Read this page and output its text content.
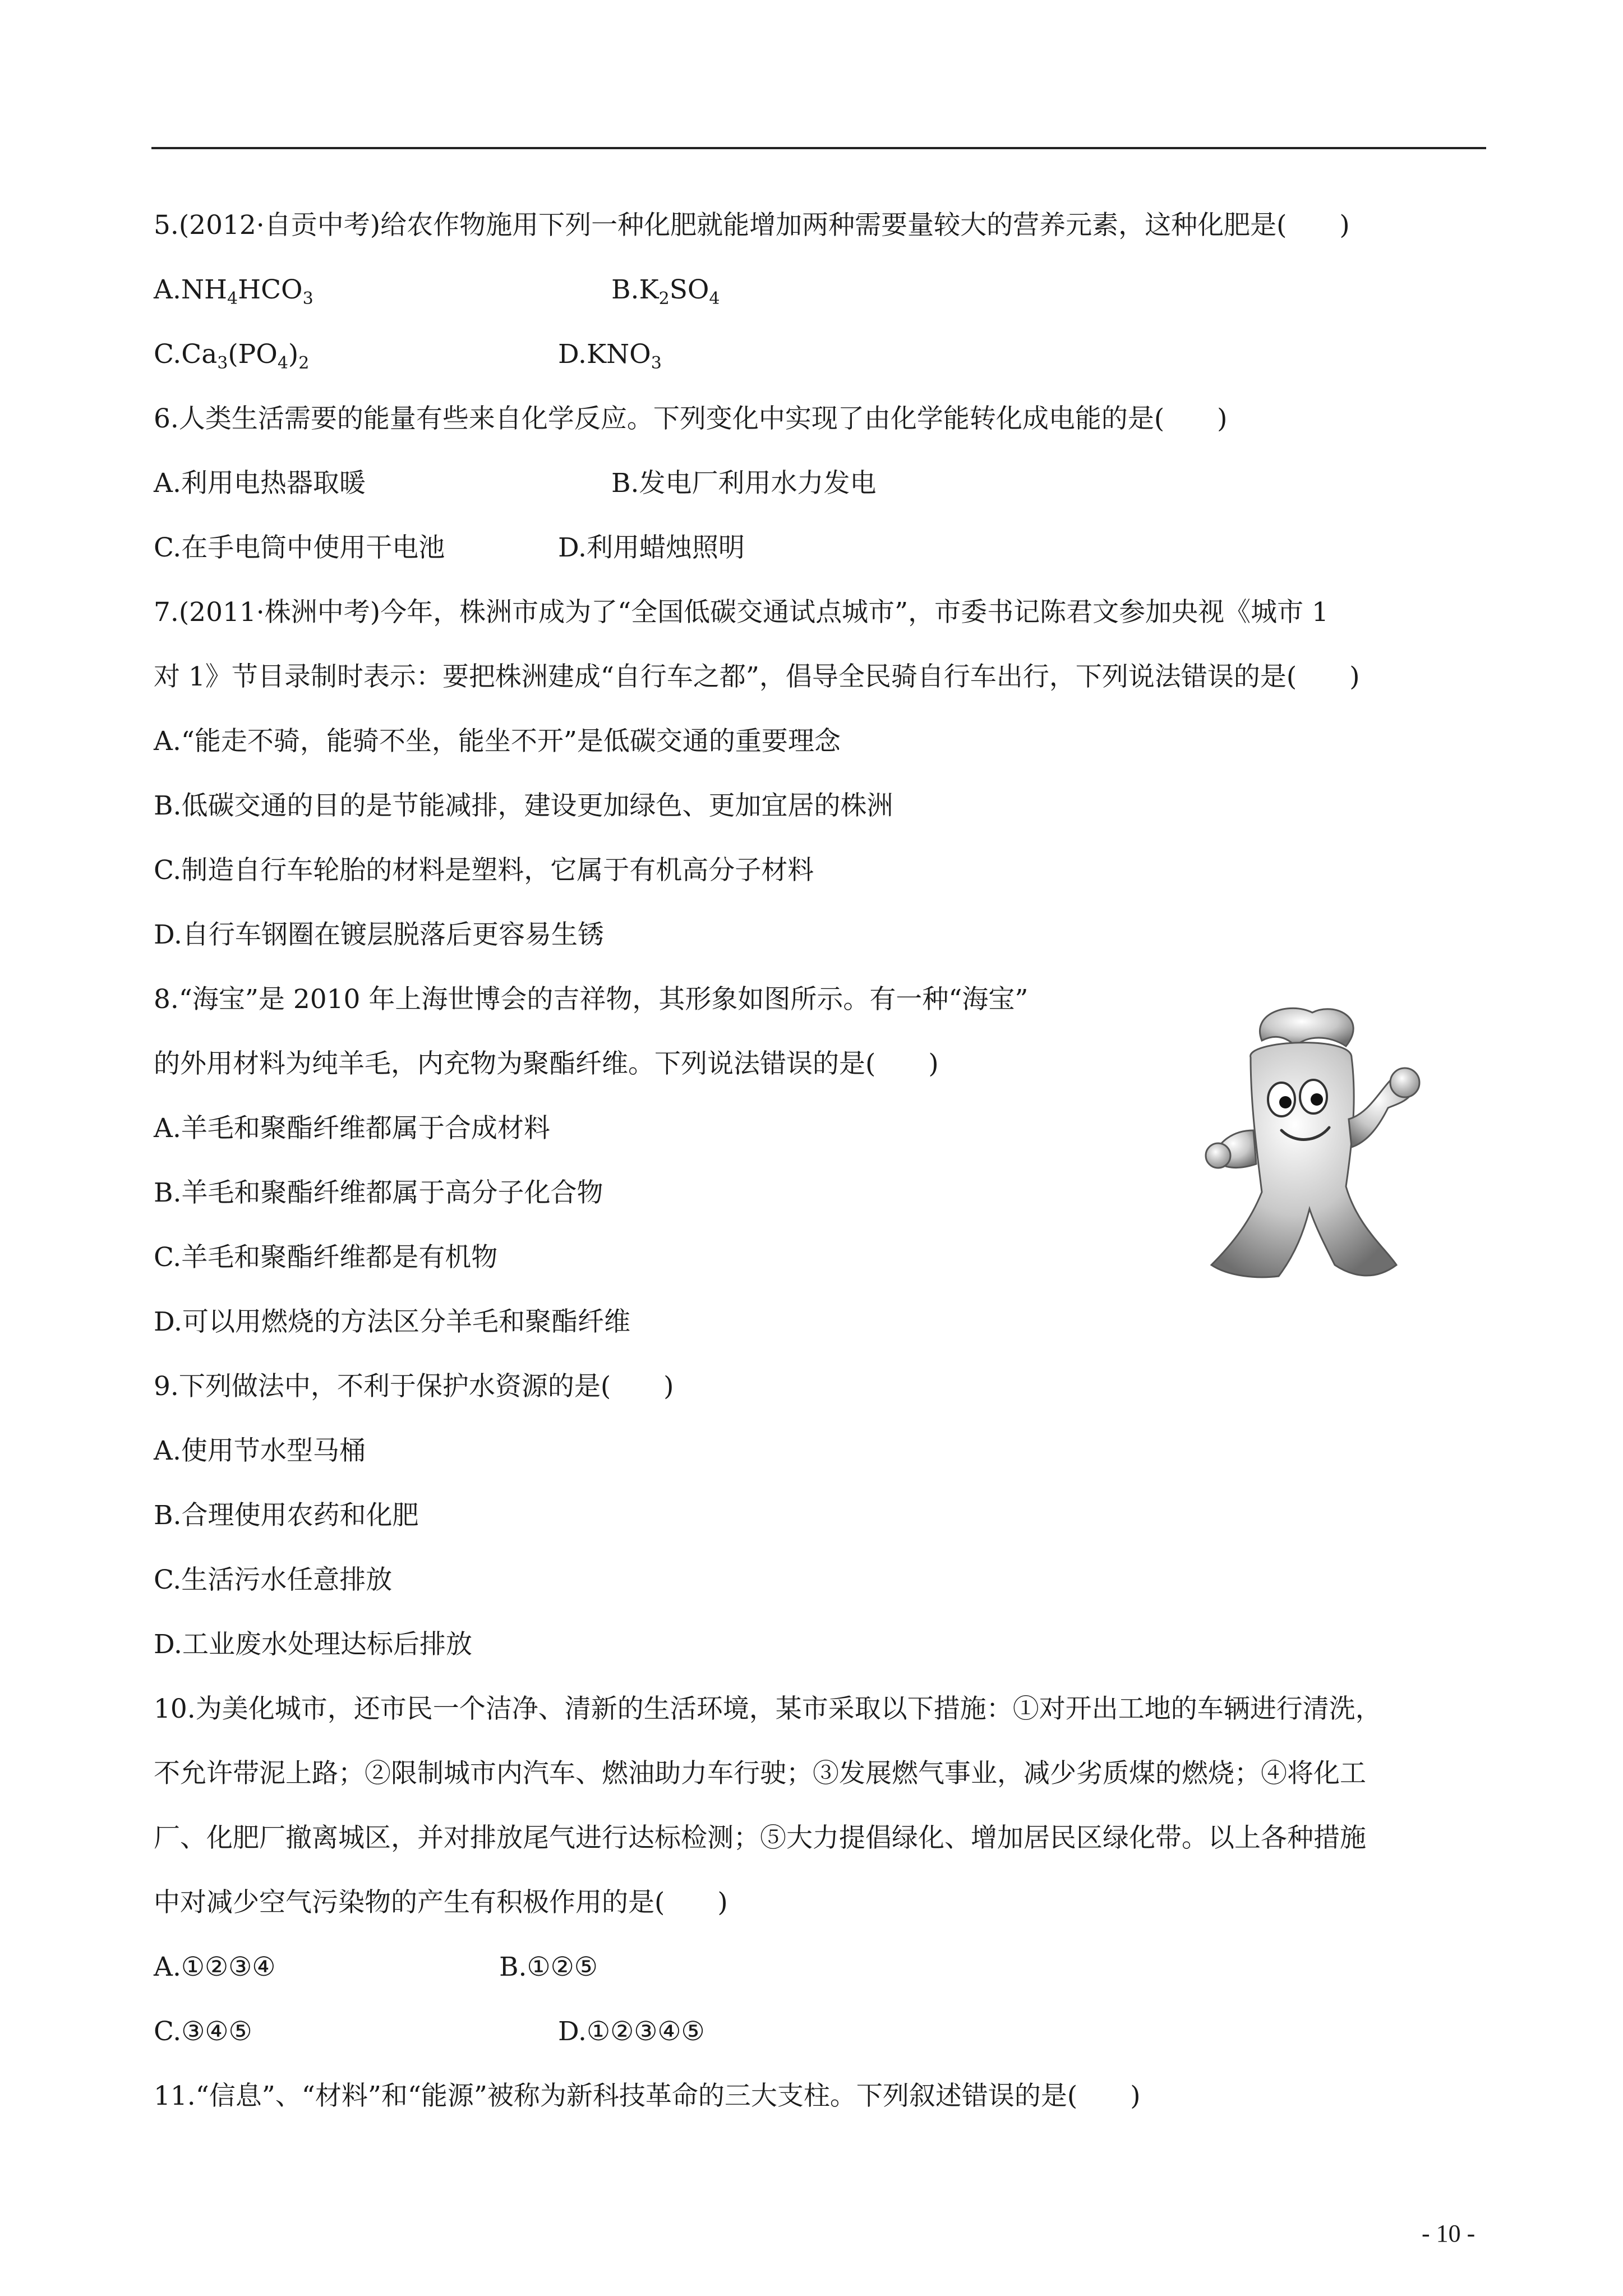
5.(2012·自贡中考)给农作物施用下列一种化肥就能增加两种需要量较大的营养元素，这种化肥是(　　)
$A.NH_4HCO_3$	$B.K_2SO_4$
$C.Ca_3(PO_4)_2$	$D.KNO_3$
6.人类生活需要的能量有些来自化学反应。下列变化中实现了由化学能转化成电能的是(　　)
A.利用电热器取暖	B.发电厂利用水力发电
C.在手电筒中使用干电池	D.利用蜡烛照明
7.(2011·株洲中考)今年，株洲市成为了“全国低碳交通试点城市”，市委书记陈君文参加央视《城市 1
对 1》节目录制时表示：要把株洲建成“自行车之都”，倡导全民骑自行车出行，下列说法错误的是(　　)
A.“能走不骑，能骑不坐，能坐不开”是低碳交通的重要理念
B.低碳交通的目的是节能减排，建设更加绿色、更加宜居的株洲
C.制造自行车轮胎的材料是塑料，它属于有机高分子材料
D.自行车钢圈在镀层脱落后更容易生锈
8.“海宝”是 2010 年上海世博会的吉祥物，其形象如图所示。有一种“海宝”
的外用材料为纯羊毛，内充物为聚酯纤维。下列说法错误的是(　　)
A.羊毛和聚酯纤维都属于合成材料
B.羊毛和聚酯纤维都属于高分子化合物
C.羊毛和聚酯纤维都是有机物
D.可以用燃烧的方法区分羊毛和聚酯纤维
9.下列做法中，不利于保护水资源的是(　　)
A.使用节水型马桶
B.合理使用农药和化肥
C.生活污水任意排放
D.工业废水处理达标后排放
10.为美化城市，还市民一个洁净、清新的生活环境，某市采取以下措施：①对开出工地的车辆进行清洗，
不允许带泥上路；②限制城市内汽车、燃油助力车行驶；③发展燃气事业，减少劣质煤的燃烧；④将化工
厂、化肥厂撤离城区，并对排放尾气进行达标检测；⑤大力提倡绿化、增加居民区绿化带。以上各种措施
中对减少空气污染物的产生有积极作用的是(　　)
A.①②③④	B.①②⑤
C.③④⑤	D.①②③④⑤
11.“信息”、“材料”和“能源”被称为新科技革命的三大支柱。下列叙述错误的是(　　)
- 10 -
